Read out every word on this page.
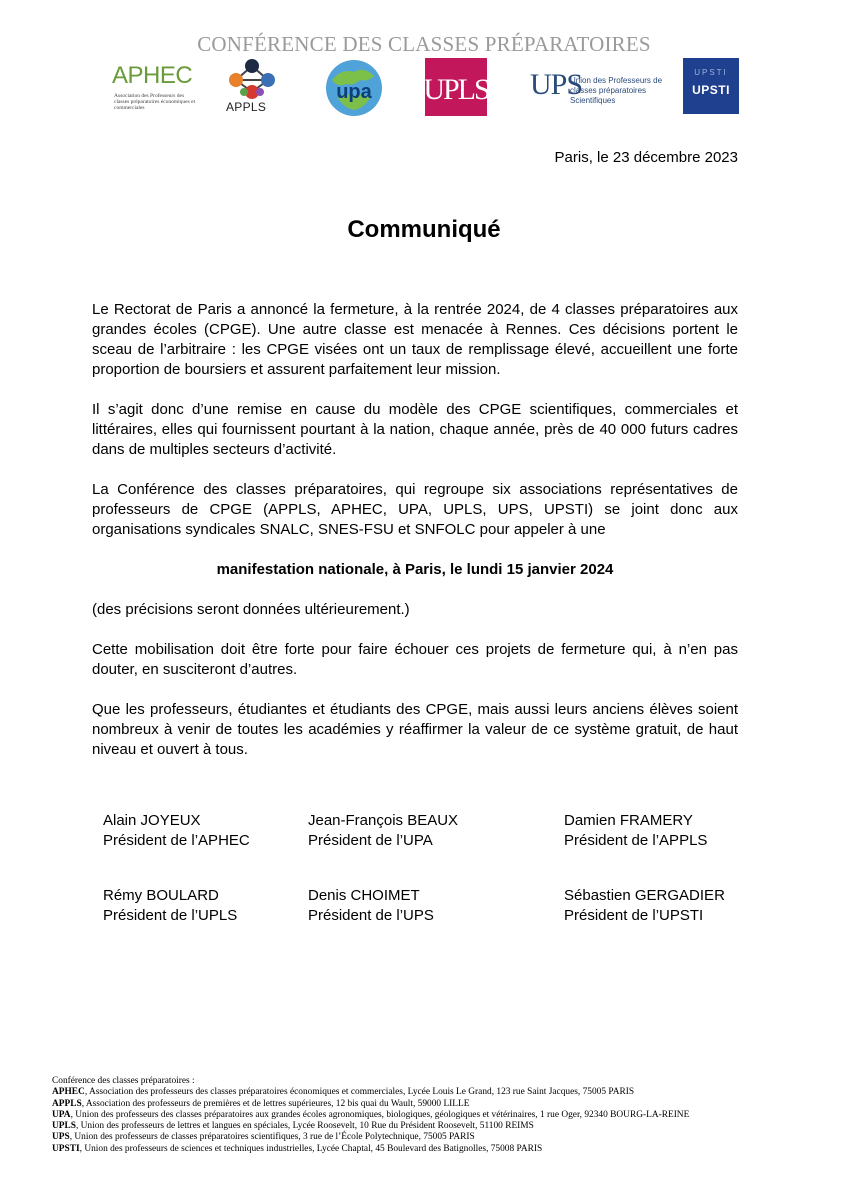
CONFÉRENCE DES CLASSES PRÉPARATOIRES
APHEC
Association des Professeurs des classes préparatoires économiques et commerciales	APPLS
upa UPLS UPS
Union des Professeurs de classes préparatoires Scientifiques
UPSTI
UPSTI
Paris, le 23 décembre 2023
Communiqué

Le Rectorat de Paris a annoncé la fermeture, à la rentrée 2024, de 4 classes préparatoires aux grandes écoles (CPGE). Une autre classe est menacée à Rennes. Ces décisions portent le sceau de l’arbitraire : les CPGE visées ont un taux de remplissage élevé, accueillent une forte proportion de boursiers et assurent parfaitement leur mission.

Il s’agit donc d’une remise en cause du modèle des CPGE scientifiques, commerciales et littéraires, elles qui fournissent pourtant à la nation, chaque année, près de 40 000 futurs cadres dans de multiples secteurs d’activité.

La Conférence des classes préparatoires, qui regroupe six associations représentatives de professeurs de CPGE (APPLS, APHEC, UPA, UPLS, UPS, UPSTI) se joint donc aux organisations syndicales SNALC, SNES-FSU et SNFOLC pour appeler à une

manifestation nationale, à Paris, le lundi 15 janvier 2024

(des précisions seront données ultérieurement.)

Cette mobilisation doit être forte pour faire échouer ces projets de fermeture qui, à n’en pas douter, en susciteront d’autres.

Que les professeurs, étudiantes et étudiants des CPGE, mais aussi leurs anciens élèves soient nombreux à venir de toutes les académies y réaffirmer la valeur de ce système gratuit, de haut niveau et ouvert à tous.

Alain JOYEUX
Président de l’APHEC
Jean-François BEAUX
Président de l’UPA
Damien FRAMERY
Président de l’APPLS
Rémy BOULARD
Président de l’UPLS
Denis CHOIMET
Président de l’UPS
Sébastien GERGADIER
Président de l’UPSTI
Conférence des classes préparatoires :
APHEC, Association des professeurs des classes préparatoires économiques et commerciales, Lycée Louis Le Grand, 123 rue Saint Jacques, 75005 PARIS
APPLS, Association des professeurs de premières et de lettres supérieures, 12 bis quai du Wault, 59000 LILLE
UPA, Union des professeurs des classes préparatoires aux grandes écoles agronomiques, biologiques, géologiques et vétérinaires, 1 rue Oger, 92340 BOURG-LA-REINE
UPLS, Union des professeurs de lettres et langues en spéciales, Lycée Roosevelt, 10 Rue du Président Roosevelt, 51100 REIMS
UPS, Union des professeurs de classes préparatoires scientifiques, 3 rue de l’École Polytechnique, 75005 PARIS
UPSTI, Union des professeurs de sciences et techniques industrielles, Lycée Chaptal, 45 Boulevard des Batignolles, 75008 PARIS
